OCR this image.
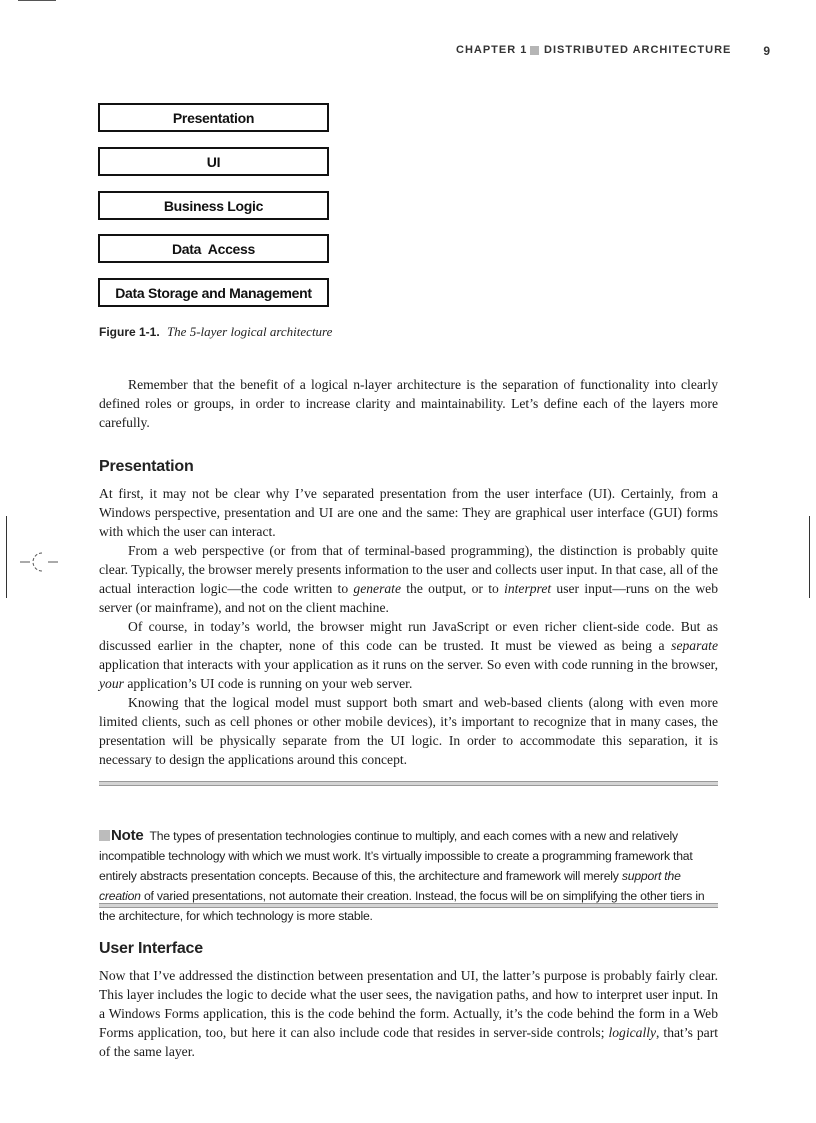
CHAPTER 1 DISTRIBUTED ARCHITECTURE	9
Presentation
UI
Business Logic
Data  Access
Data Storage and Management
Figure 1-1. The 5-layer logical architecture

Remember that the benefit of a logical n-layer architecture is the separation of functionality into clearly defined roles or groups, in order to increase clarity and maintainability. Let’s define each of the layers more carefully.

Presentation

At first, it may not be clear why I’ve separated presentation from the user interface (UI). Certainly, from a Windows perspective, presentation and UI are one and the same: They are graphical user interface (GUI) forms with which the user can interact.

From a web perspective (or from that of terminal-based programming), the distinction is probably quite clear. Typically, the browser merely presents information to the user and collects user input. In that case, all of the actual interaction logic—the code written to generate the output, or to interpret user input—runs on the web server (or mainframe), and not on the client machine.

Of course, in today’s world, the browser might run JavaScript or even richer client-side code. But as discussed earlier in the chapter, none of this code can be trusted. It must be viewed as being a separate application that interacts with your application as it runs on the server. So even with code running in the browser, your application’s UI code is running on your web server.

Knowing that the logical model must support both smart and web-based clients (along with even more limited clients, such as cell phones or other mobile devices), it’s important to recognize that in many cases, the presentation will be physically separate from the UI logic. In order to accommodate this separation, it is necessary to design the applications around this concept.

Note The types of presentation technologies continue to multiply, and each comes with a new and relatively incompatible technology with which we must work. It’s virtually impossible to create a programming framework that entirely abstracts presentation concepts. Because of this, the architecture and framework will merely support the creation of varied presentations, not automate their creation. Instead, the focus will be on simplifying the other tiers in the architecture, for which technology is more stable.
User Interface

Now that I’ve addressed the distinction between presentation and UI, the latter’s purpose is probably fairly clear. This layer includes the logic to decide what the user sees, the navigation paths, and how to interpret user input. In a Windows Forms application, this is the code behind the form. Actually, it’s the code behind the form in a Web Forms application, too, but here it can also include code that resides in server-side controls; logically, that’s part of the same layer.
